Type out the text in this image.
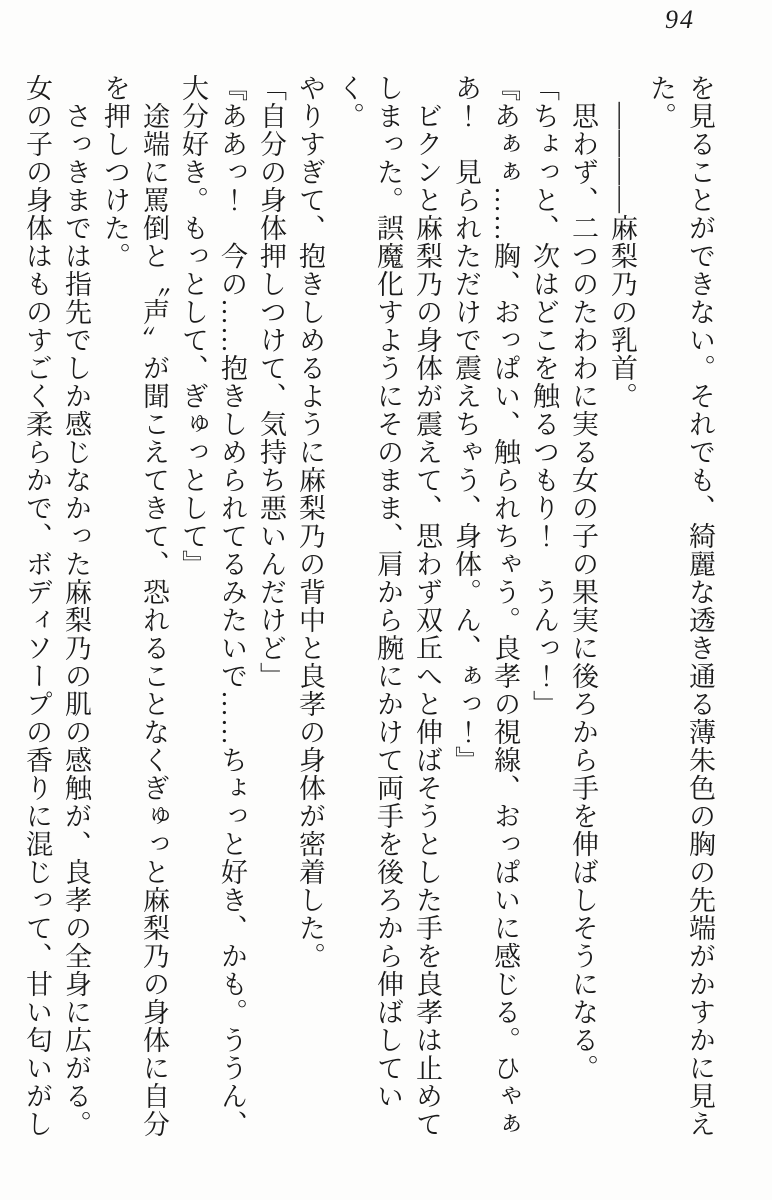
94

を見ることができない。それでも、綺麗な透き通る薄朱色の胸の先端がかすかに見え

た。

　――――麻梨乃の乳首。

　思わず、二つのたわわに実る女の子の果実に後ろから手を伸ばしそうになる。

「ちょっと、次はどこを触るつもり！　うんっ！」

『あぁぁ……胸、おっぱい、触られちゃう。良孝の視線、おっぱいに感じる。ひゃぁ

あ！　見られただけで震えちゃう、身体。ん、ぁっ！』

　ビクンと麻梨乃の身体が震えて、思わず双丘へと伸ばそうとした手を良孝は止めて

しまった。誤魔化すようにそのまま、肩から腕にかけて両手を後ろから伸ばしていく。

やりすぎて、抱きしめるように麻梨乃の背中と良孝の身体が密着した。

「自分の身体押しつけて、気持ち悪いんだけど」

『ああっ！　今の……抱きしめられてるみたいで……ちょっと好き、かも。ううん、

大分好き。もっとして、ぎゅっとして』

　途端に罵倒と〝声〟が聞こえてきて、恐れることなくぎゅっと麻梨乃の身体に自分

を押しつけた。

　さっきまでは指先でしか感じなかった麻梨乃の肌の感触が、良孝の全身に広がる。

女の子の身体はものすごく柔らかで、ボディソープの香りに混じって、甘い匂いがし
